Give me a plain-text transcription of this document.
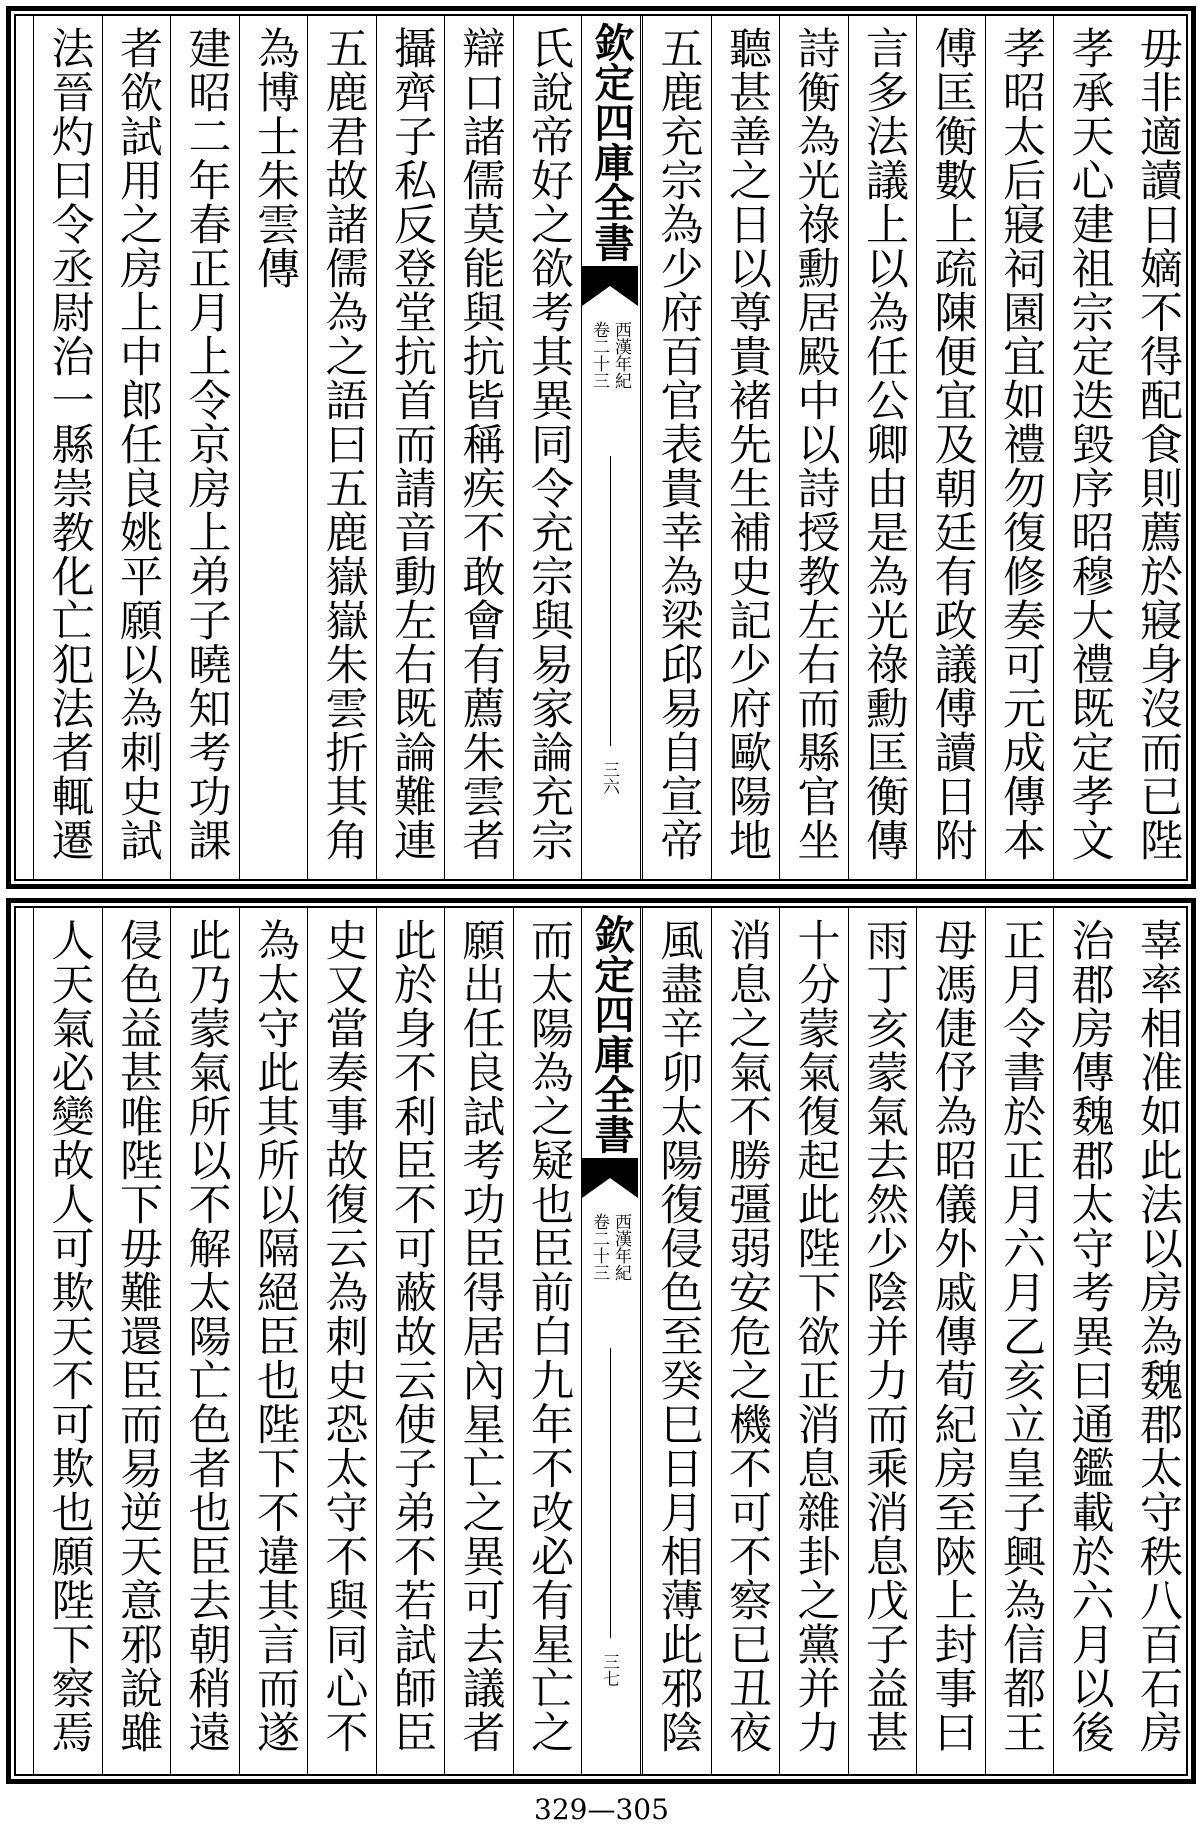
欽定四庫全書
西漢年紀
卷二十三
三六
毋非適讀日嫡不得配食則薦於寢身沒而已陛
孝承天心建祖宗定迭毀序昭穆大禮既定孝文
孝昭太后寢祠園宜如禮勿復修奏可元成傳本
傅匡衡數上疏陳便宜及朝廷有政議傅讀日附
言多法議上以為任公卿由是為光祿勳匡衡傳
詩衡為光祿勳居殿中以詩授教左右而縣官坐
聽甚善之日以尊貴褚先生補史記少府歐陽地
五鹿充宗為少府百官表貴幸為梁邱易自宣帝
氏說帝好之欲考其異同令充宗與易家論充宗
辯口諸儒莫能與抗皆稱疾不敢會有薦朱雲者
攝齊子私反登堂抗首而請音動左右既論難連
五鹿君故諸儒為之語曰五鹿嶽嶽朱雲折其角
為博士朱雲傳
建昭二年春正月上令京房上弟子曉知考功課
者欲試用之房上中郎任良姚平願以為刺史試
法晉灼曰令丞尉治一縣崇教化亡犯法者輒遷
欽定四庫全書
西漢年紀
卷二十三
三七
辜率相准如此法以房為魏郡太守秩八百石房
治郡房傳魏郡太守考異曰通鑑載於六月以後
正月令書於正月六月乙亥立皇子興為信都王
母馮倢伃為昭儀外戚傳荀紀房至陝上封事曰
雨丁亥蒙氣去然少陰并力而乘消息戊子益甚
十分蒙氣復起此陛下欲正消息雜卦之黨并力
消息之氣不勝彊弱安危之機不可不察已丑夜
風盡辛卯太陽復侵色至癸巳日月相薄此邪陰
而太陽為之疑也臣前白九年不改必有星亡之
願出任良試考功臣得居內星亡之異可去議者
此於身不利臣不可蔽故云使子弟不若試師臣
史又當奏事故復云為刺史恐太守不與同心不
為太守此其所以隔絕臣也陛下不違其言而遂
此乃蒙氣所以不解太陽亡色者也臣去朝稍遠
侵色益甚唯陛下毋難還臣而易逆天意邪說雖
人天氣必變故人可欺天不可欺也願陛下察焉
329—305
